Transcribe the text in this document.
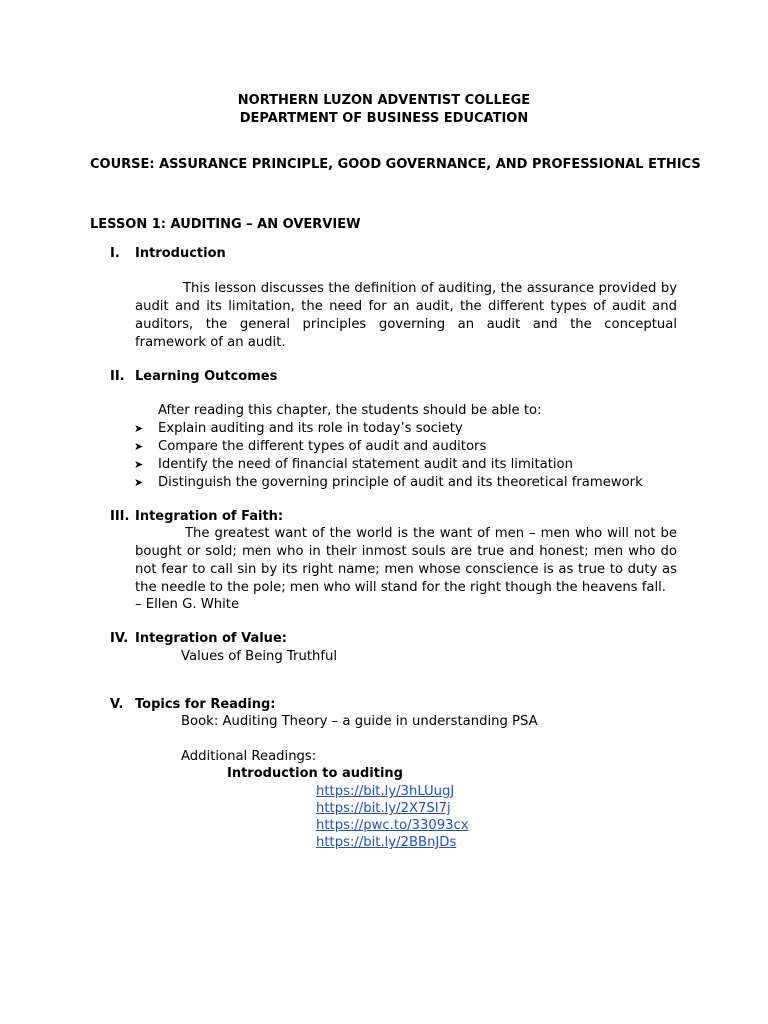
NORTHERN LUZON ADVENTIST COLLEGE
DEPARTMENT OF BUSINESS EDUCATION
COURSE: ASSURANCE PRINCIPLE, GOOD GOVERNANCE, AND PROFESSIONAL ETHICS
LESSON 1: AUDITING – AN OVERVIEW
I. Introduction
This lesson discusses the definition of auditing, the assurance provided by audit and its limitation, the need for an audit, the different types of audit and auditors, the general principles governing an audit and the conceptual framework of an audit.
II. Learning Outcomes
After reading this chapter, the students should be able to:
➤ Explain auditing and its role in today’s society
➤ Compare the different types of audit and auditors
➤ Identify the need of financial statement audit and its limitation
➤ Distinguish the governing principle of audit and its theoretical framework
III. Integration of Faith:
The greatest want of the world is the want of men – men who will not be bought or sold; men who in their inmost souls are true and honest; men who do not fear to call sin by its right name; men whose conscience is as true to duty as the needle to the pole; men who will stand for the right though the heavens fall.
– Ellen G. White
IV. Integration of Value:
Values of Being Truthful
V. Topics for Reading:
Book: Auditing Theory – a guide in understanding PSA
Additional Readings:
Introduction to auditing
https://bit.ly/3hLUugJ
https://bit.ly/2X7SI7j
https://pwc.to/33093cx
https://bit.ly/2BBnJDs
